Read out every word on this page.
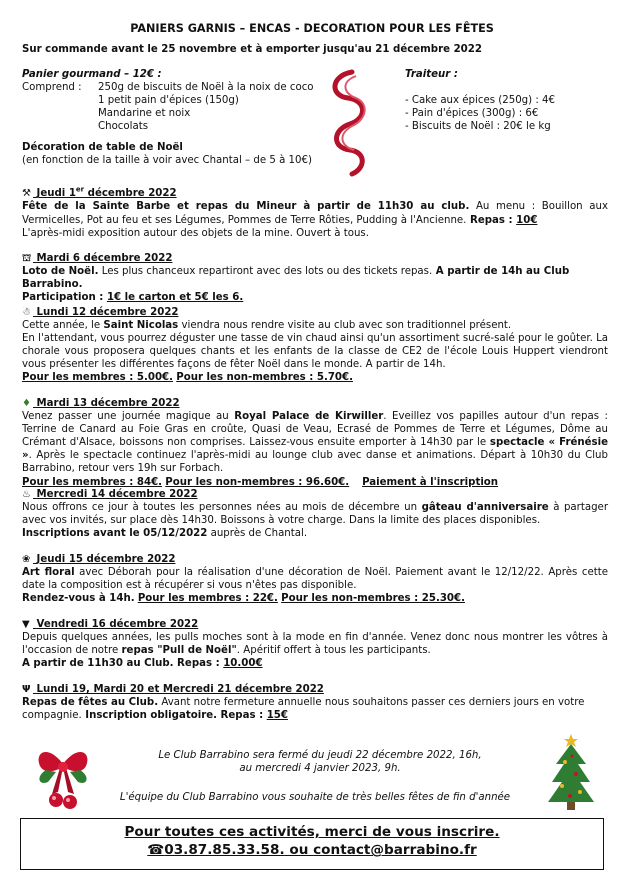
PANIERS GARNIS – ENCAS - DECORATION POUR LES FÊTES
Sur commande avant le 25 novembre et à emporter jusqu'au 21 décembre 2022
Panier gourmand – 12€ :
Comprend : 250g de biscuits de Noël à la noix de coco
1 petit pain d'épices (150g)
Mandarine et noix
Chocolats
Traiteur :
- Cake aux épices (250g) : 4€
- Pain d'épices (300g) : 6€
- Biscuits de Noël : 20€ le kg
Décoration de table de Noël
(en fonction de la taille à voir avec Chantal – de 5 à 10€)
⚒ Jeudi 1er décembre 2022
Fête de la Sainte Barbe et repas du Mineur à partir de 11h30 au club. Au menu : Bouillon aux Vermicelles, Pot au feu et ses Légumes, Pommes de Terre Rôties, Pudding à l'Ancienne. Repas : 10€
L'après-midi exposition autour des objets de la mine. Ouvert à tous.
⛫ Mardi 6 décembre 2022
Loto de Noël. Les plus chanceux repartiront avec des lots ou des tickets repas. A partir de 14h au Club Barrabino.
Participation : 1€ le carton et 5€ les 6.
☃ Lundi 12 décembre 2022
Cette année, le Saint Nicolas viendra nous rendre visite au club avec son traditionnel présent.
En l'attendant, vous pourrez déguster une tasse de vin chaud ainsi qu'un assortiment sucré-salé pour le goûter. La chorale vous proposera quelques chants et les enfants de la classe de CE2 de l'école Louis Huppert viendront vous présenter les différentes façons de fêter Noël dans le monde. A partir de 14h.
Pour les membres : 5.00€. Pour les non-membres : 5.70€.
♦ Mardi 13 décembre 2022
Venez passer une journée magique au Royal Palace de Kirwiller. Eveillez vos papilles autour d'un repas : Terrine de Canard au Foie Gras en croûte, Quasi de Veau, Ecrasé de Pommes de Terre et Légumes, Dôme au Crémant d'Alsace, boissons non comprises. Laissez-vous ensuite emporter à 14h30 par le spectacle « Frénésie ». Après le spectacle continuez l'après-midi au lounge club avec danse et animations. Départ à 10h30 du Club Barrabino, retour vers 19h sur Forbach.
Pour les membres : 84€. Pour les non-membres : 96.60€. Paiement à l'inscription
♨ Mercredi 14 décembre 2022
Nous offrons ce jour à toutes les personnes nées au mois de décembre un gâteau d'anniversaire à partager avec vos invités, sur place dès 14h30. Boissons à votre charge. Dans la limite des places disponibles.
Inscriptions avant le 05/12/2022 auprès de Chantal.
❀ Jeudi 15 décembre 2022
Art floral avec Déborah pour la réalisation d'une décoration de Noël. Paiement avant le 12/12/22. Après cette date la composition est à récupérer si vous n'êtes pas disponible.
Rendez-vous à 14h. Pour les membres : 22€. Pour les non-membres : 25.30€.
▼ Vendredi 16 décembre 2022
Depuis quelques années, les pulls moches sont à la mode en fin d'année. Venez donc nous montrer les vôtres à l'occasion de notre repas "Pull de Noël". Apéritif offert à tous les participants.
A partir de 11h30 au Club. Repas : 10.00€
Ψ Lundi 19, Mardi 20 et Mercredi 21 décembre 2022
Repas de fêtes au Club. Avant notre fermeture annuelle nous souhaitons passer ces derniers jours en votre compagnie. Inscription obligatoire. Repas : 15€
Le Club Barrabino sera fermé du jeudi 22 décembre 2022, 16h,
au mercredi 4 janvier 2023, 9h.
L'équipe du Club Barrabino vous souhaite de très belles fêtes de fin d'année
Pour toutes ces activités, merci de vous inscrire.
☎03.87.85.33.58. ou contact@barrabino.fr
